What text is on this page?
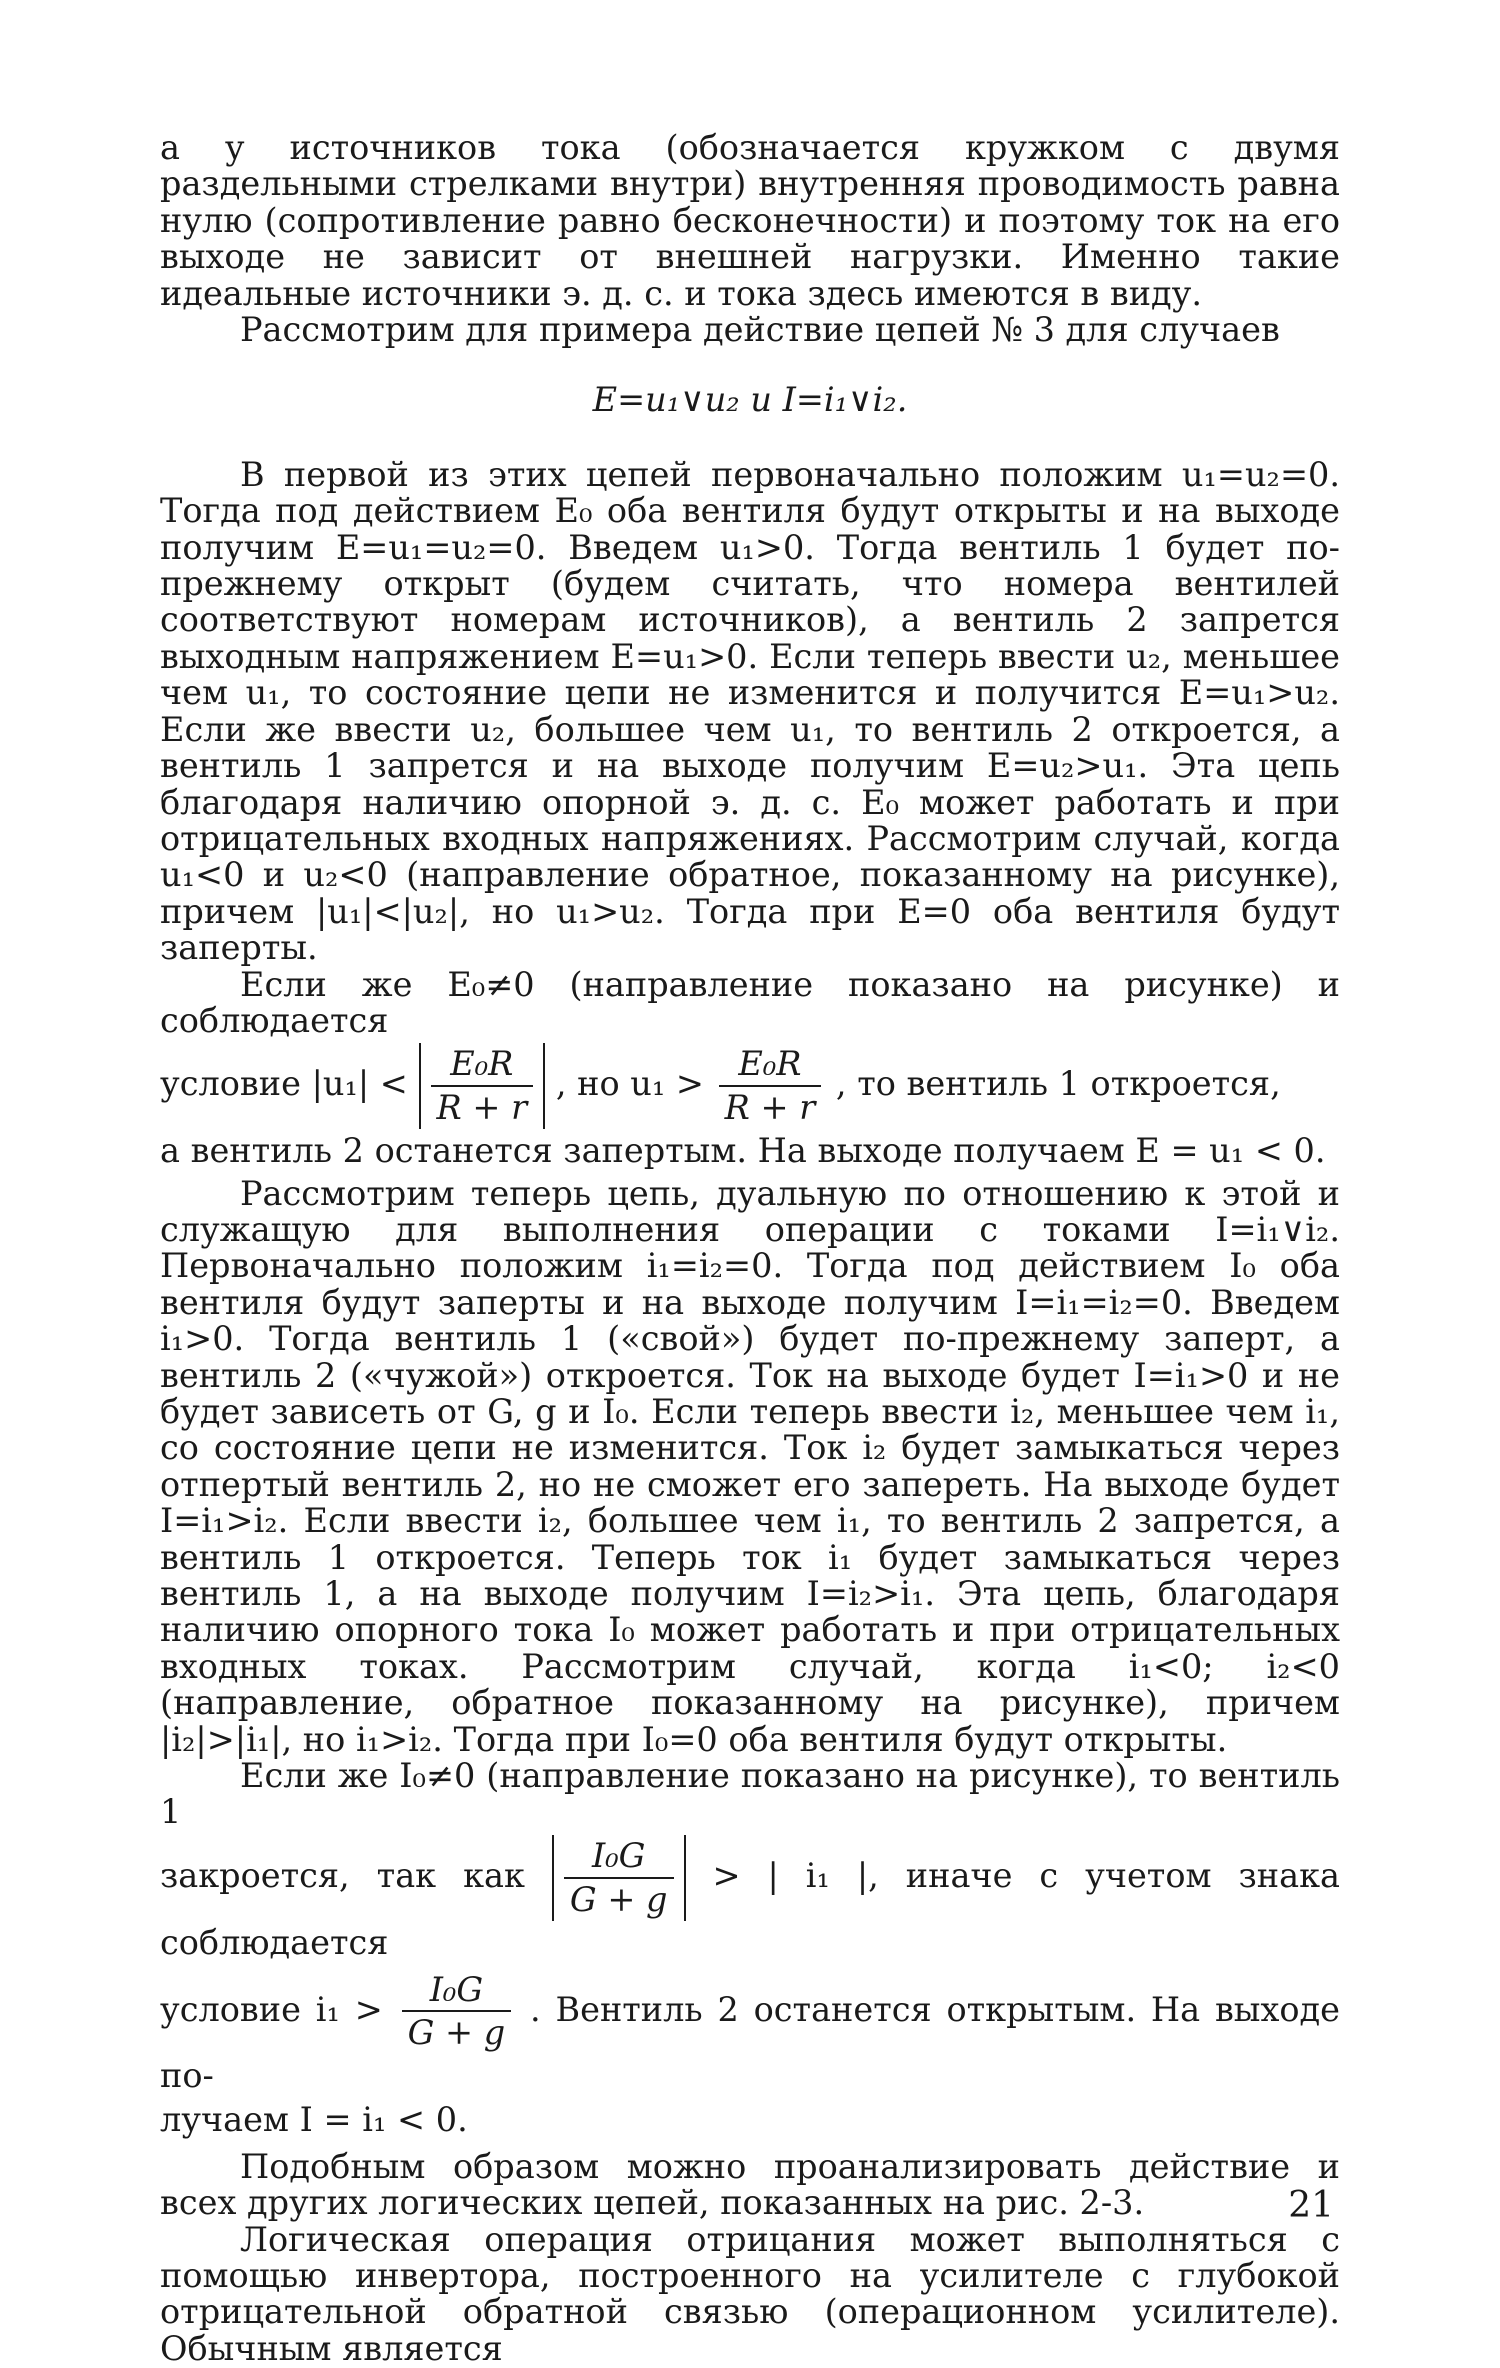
а у источников тока (обозначается кружком с двумя раздельными стрелками внутри) внутренняя проводимость равна нулю (сопротивление равно бесконечности) и поэтому ток на его выходе не зависит от внешней нагрузки. Именно такие идеальные источники э. д. с. и тока здесь имеются в виду.

Рассмотрим для примера действие цепей № 3 для случаев

E=u₁∨u₂ и I=i₁∨i₂.

В первой из этих цепей первоначально положим u₁=u₂=0. Тогда под действием E₀ оба вентиля будут открыты и на выходе получим E=u₁=u₂=0. Введем u₁>0. Тогда вентиль 1 будет по-прежнему открыт (будем считать, что номера вентилей соответствуют номерам источников), а вентиль 2 запрется выходным напряжением E=u₁>0. Если теперь ввести u₂, меньшее чем u₁, то состояние цепи не изменится и получится E=u₁>u₂. Если же ввести u₂, большее чем u₁, то вентиль 2 откроется, а вентиль 1 запрется и на выходе получим E=u₂>u₁. Эта цепь благодаря наличию опорной э. д. с. E₀ может работать и при отрицательных входных напряжениях. Рассмотрим случай, когда u₁<0 и u₂<0 (направление обратное, показанному на рисунке), причем |u₁|<|u₂|, но u₁>u₂. Тогда при E=0 оба вентиля будут заперты.

Если же E₀≠0 (направление показано на рисунке) и соблюдается

условие $|u_1| < \frac{\text{E₀R}}{R + r}$ , но $u_1 > \frac{\text{E₀R}}{R + r}$ , то вентиль 1 откроется,

а вентиль 2 останется запертым. На выходе получаем E = u₁ < 0.

Рассмотрим теперь цепь, дуальную по отношению к этой и служащую для выполнения операции с токами I=i₁∨i₂. Первоначально положим i₁=i₂=0. Тогда под действием I₀ оба вентиля будут заперты и на выходе получим I=i₁=i₂=0. Введем i₁>0. Тогда вентиль 1 («свой») будет по-прежнему заперт, а вентиль 2 («чужой») откроется. Ток на выходе будет I=i₁>0 и не будет зависеть от G, g и I₀. Если теперь ввести i₂, меньшее чем i₁, со состояние цепи не изменится. Ток i₂ будет замыкаться через отпертый вентиль 2, но не сможет его запереть. На выходе будет I=i₁>i₂. Если ввести i₂, большее чем i₁, то вентиль 2 запрется, а вентиль 1 откроется. Теперь ток i₁ будет замыкаться через вентиль 1, а на выходе получим I=i₂>i₁. Эта цепь, благодаря наличию опорного тока I₀ может работать и при отрицательных входных токах. Рассмотрим случай, когда i₁<0; i₂<0 (направление, обратное показанному на рисунке), причем |i₂|>|i₁|, но i₁>i₂. Тогда при I₀=0 оба вентиля будут открыты.

Если же I₀≠0 (направление показано на рисунке), то вентиль 1

закроется, так как $\frac{\text{I₀G}}{G + g}$ > | i₁ |, иначе с учетом знака соблюдается
условие $i_1 > \frac{\text{I₀G}}{G + g}$ . Вентиль 2 останется открытым. На выходе по-

лучаем I = i₁ < 0.

Подобным образом можно проанализировать действие и всех других логических цепей, показанных на рис. 2-3.

Логическая операция отрицания может выполняться с помощью инвертора, построенного на усилителе с глубокой отрицательной обратной связью (операционном усилителе). Обычным является

21
